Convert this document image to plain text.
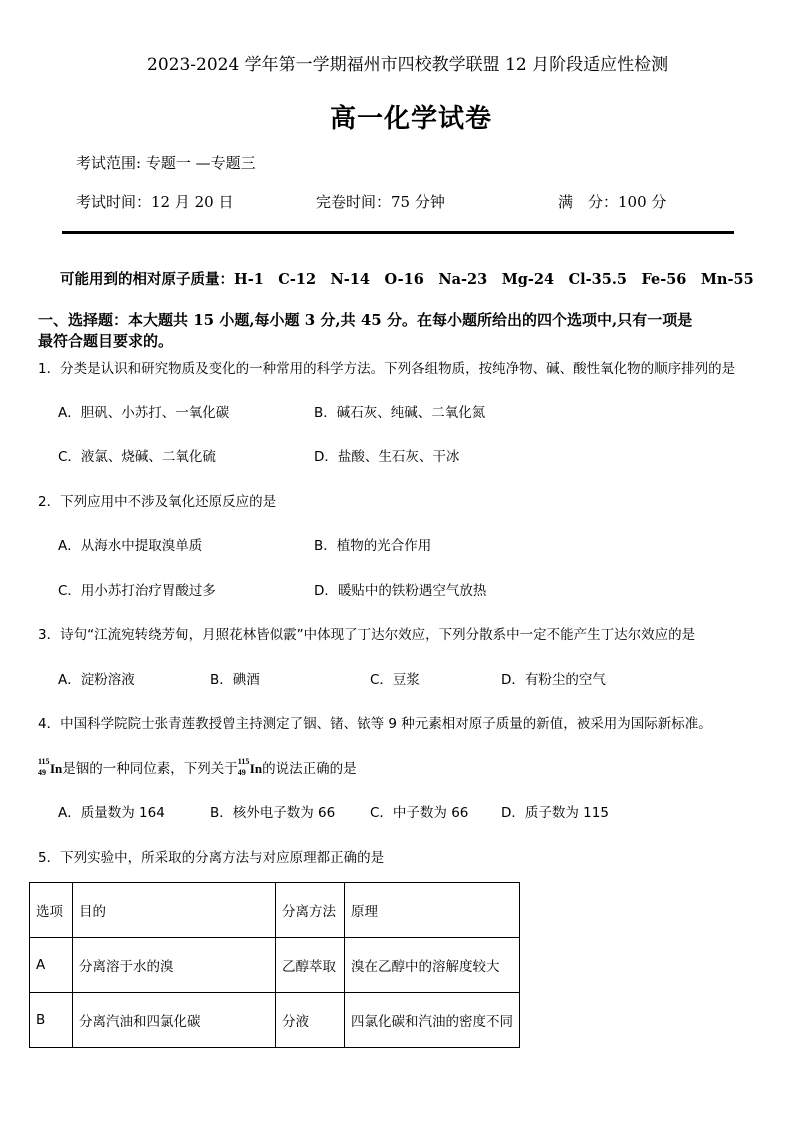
2023-2024 学年第一学期福州市四校教学联盟 12 月阶段适应性检测
高一化学试卷
考试范围: 专题一 —专题三
考试时间：12 月 20 日	完卷时间：75 分钟	满　分：100 分
可能用到的相对原子质量：H-1　C-12　N-14　O-16　Na-23　Mg-24　Cl-35.5　Fe-56　Mn-55
一、选择题：本大题共 15 小题,每小题 3 分,共 45 分。在每小题所给出的四个选项中,只有一项是
最符合题目要求的。
1．分类是认识和研究物质及变化的一种常用的科学方法。下列各组物质，按纯净物、碱、酸性氧化物的顺序排列的是
A．胆矾、小苏打、一氧化碳	B．碱石灰、纯碱、二氧化氮
C．液氯、烧碱、二氧化硫	D．盐酸、生石灰、干冰
2．下列应用中不涉及氧化还原反应的是
A．从海水中提取溴单质	B．植物的光合作用
C．用小苏打治疗胃酸过多	D．暖贴中的铁粉遇空气放热
3．诗句“江流宛转绕芳甸，月照花林皆似霰”中体现了丁达尔效应，下列分散系中一定不能产生丁达尔效应的是
A．淀粉溶液	B．碘酒	C．豆浆	D．有粉尘的空气
4．中国科学院院士张青莲教授曾主持测定了铟、锗、铱等 9 种元素相对原子质量的新值，被采用为国际新标准。
115
49 In是铟的一种同位素，下列关于 115
49 In的说法正确的是
A．质量数为 164	B．核外电子数为 66	C．中子数为 66 D．质子数为 115
5．下列实验中，所采取的分离方法与对应原理都正确的是
选项	目的	分离方法	原理
A	分离溶于水的溴	乙醇萃取	溴在乙醇中的溶解度较大
B	分离汽油和四氯化碳	分液	四氯化碳和汽油的密度不同
